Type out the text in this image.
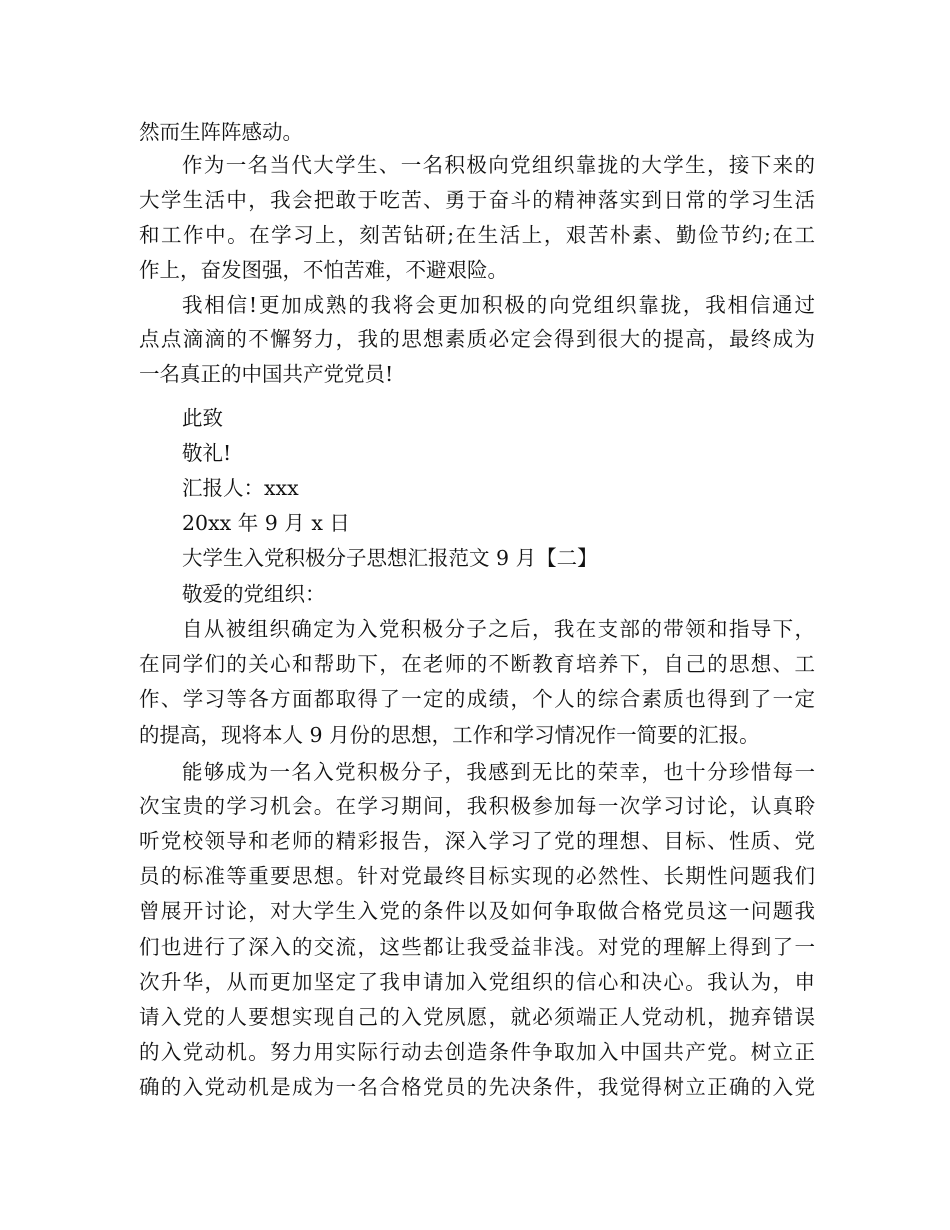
然而生阵阵感动。
作为一名当代大学生、一名积极向党组织靠拢的大学生，接下来的
大学生活中，我会把敢于吃苦、勇于奋斗的精神落实到日常的学习生活
和工作中。在学习上，刻苦钻研;在生活上，艰苦朴素、勤俭节约;在工
作上，奋发图强，不怕苦难，不避艰险。
我相信!更加成熟的我将会更加积极的向党组织靠拢，我相信通过
点点滴滴的不懈努力，我的思想素质必定会得到很大的提高，最终成为
一名真正的中国共产党党员!
此致
敬礼!
汇报人：xxx
20xx 年 9 月 x 日
大学生入党积极分子思想汇报范文 9 月【二】
敬爱的党组织：
自从被组织确定为入党积极分子之后，我在支部的带领和指导下，
在同学们的关心和帮助下，在老师的不断教育培养下，自己的思想、工
作、学习等各方面都取得了一定的成绩，个人的综合素质也得到了一定
的提高，现将本人 9 月份的思想，工作和学习情况作一简要的汇报。
能够成为一名入党积极分子，我感到无比的荣幸，也十分珍惜每一
次宝贵的学习机会。在学习期间，我积极参加每一次学习讨论，认真聆
听党校领导和老师的精彩报告，深入学习了党的理想、目标、性质、党
员的标准等重要思想。针对党最终目标实现的必然性、长期性问题我们
曾展开讨论，对大学生入党的条件以及如何争取做合格党员这一问题我
们也进行了深入的交流，这些都让我受益非浅。对党的理解上得到了一
次升华，从而更加坚定了我申请加入党组织的信心和决心。我认为，申
请入党的人要想实现自己的入党夙愿，就必须端正人党动机，抛弃错误
的入党动机。努力用实际行动去创造条件争取加入中国共产党。树立正
确的入党动机是成为一名合格党员的先决条件，我觉得树立正确的入党
